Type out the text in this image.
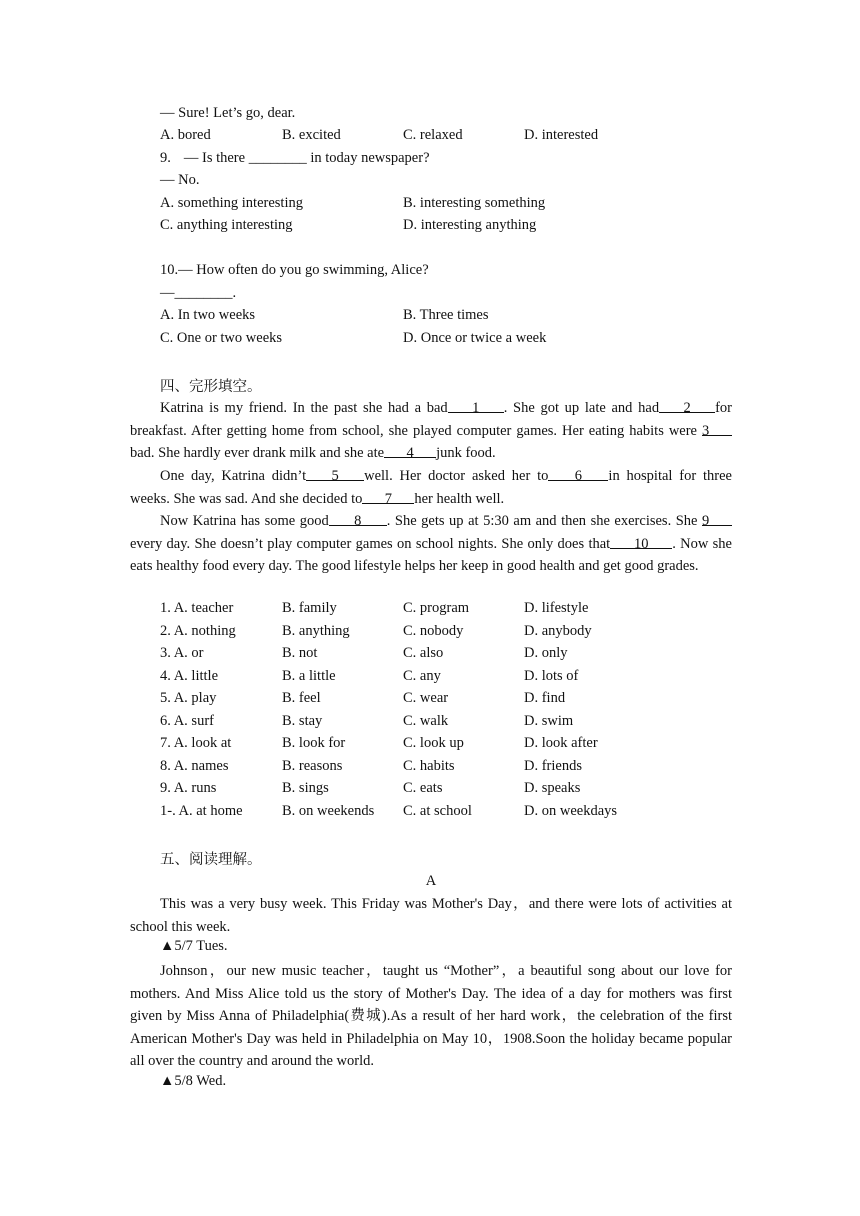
— Sure! Let’s go, dear.
A. bored	B. excited	C. relaxed	D. interested
9. — Is there ________ in today newspaper?
— No.
A. something interesting	B. interesting something
C. anything interesting	D. interesting anything
10.— How often do you go swimming, Alice?
—________.
A. In two weeks	B. Three times
C. One or two weeks	D. Once or twice a week
四、完形填空。
Katrina is my friend. In the past she had a bad 1 . She got up late and had 2 for breakfast. After getting home from school, she played computer games. Her eating habits were 3bad. She hardly ever drank milk and she ate 4 junk food.
One day, Katrina didn’t 5 well. Her doctor asked her to 6 in hospital for three weeks. She was sad. And she decided to 7 her health well.
Now Katrina has some good 8 . She gets up at 5:30 am and then she exercises. She 9every day. She doesn’t play computer games on school nights. She only does that 10 . Now she eats healthy food every day. The good lifestyle helps her keep in good health and get good grades.
1. A. teacher	B. family	C. program	D. lifestyle
2. A. nothing	B. anything	C. nobody	D. anybody
3. A. or	B. not	C. also	D. only
4. A. little	B. a little	C. any	D. lots of
5. A. play	B. feel	C. wear	D. find
6. A. surf	B. stay	C. walk	D. swim
7. A. look at	B. look for	C. look up	D. look after
8. A. names	B. reasons	C. habits	D. friends
9. A. runs	B. sings	C. eats	D. speaks
1-. A. at home	B. on weekends C. at school	D. on weekdays
五、阅读理解。
A
This was a very busy week. This Friday was Mother's Day，and there were lots of activities at school this week.
▲5/7 Tues.
Johnson，our new music teacher，taught us “Mother”，a beautiful song about our love for mothers. And Miss Alice told us the story of Mother's Day. The idea of a day for mothers was first given by Miss Anna of Philadelphia(费城).As a result of her hard work，the celebration of the first American Mother's Day was held in Philadelphia on May 10，1908.Soon the holiday became popular all over the country and around the world.
▲5/8 Wed.
